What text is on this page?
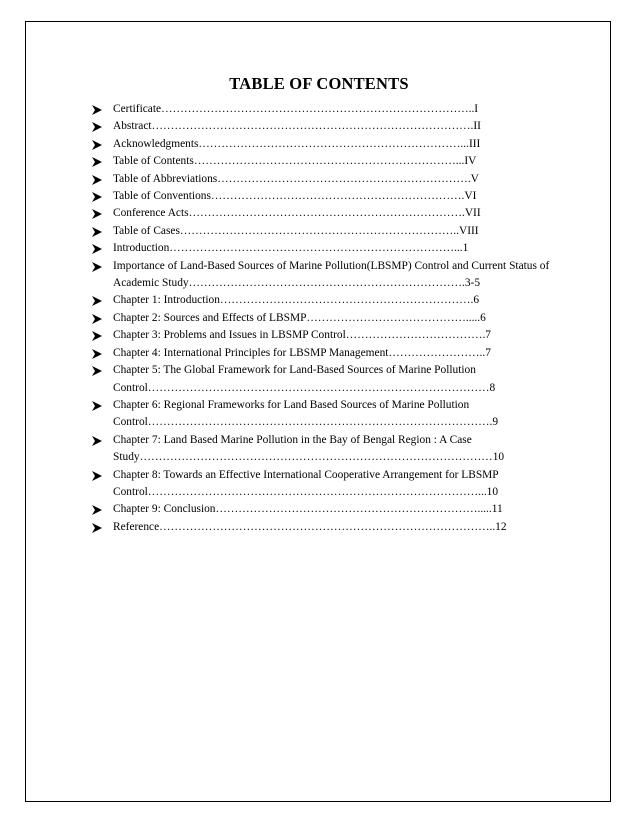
TABLE OF CONTENTS
Certificate………………………………………………………………………..I
Abstract………………………………………………………………………….II
Acknowledgments……………………………………………………………...III
Table of Contents……………………………………………………………...IV
Table of Abbreviations………………………………………………………….V
Table of Conventions………………………………………………………….VI
Conference Acts……………………………………………………………….VII
Table of Cases………………………………………………………………..VIII
Introduction…………………………………………………………………...1
Importance of Land-Based Sources of Marine Pollution(LBSMP) Control and Current Status of
Academic Study……………………………………………………………….3-5
Chapter 1: Introduction………………………………………………………….6
Chapter 2: Sources and Effects of LBSMP…………………………………….....6
Chapter 3: Problems and Issues in LBSMP Control……………………………….7
Chapter 4: International Principles for LBSMP Management……………………..7
Chapter 5: The Global Framework for Land-Based Sources of Marine Pollution
Control………………………………………………………………………………8
Chapter 6: Regional Frameworks for Land Based Sources of Marine Pollution
Control……………………………………………………………………………….9
Chapter 7: Land Based Marine Pollution in the Bay of Bengal Region : A Case
Study…………………………………………………………………………………10
Chapter 8: Towards an Effective International Cooperative Arrangement for LBSMP
Control……………………………………………………………………………...10
Chapter 9: Conclusion…………………………………………………………….....11
Reference……………………………………………………………………………..12
